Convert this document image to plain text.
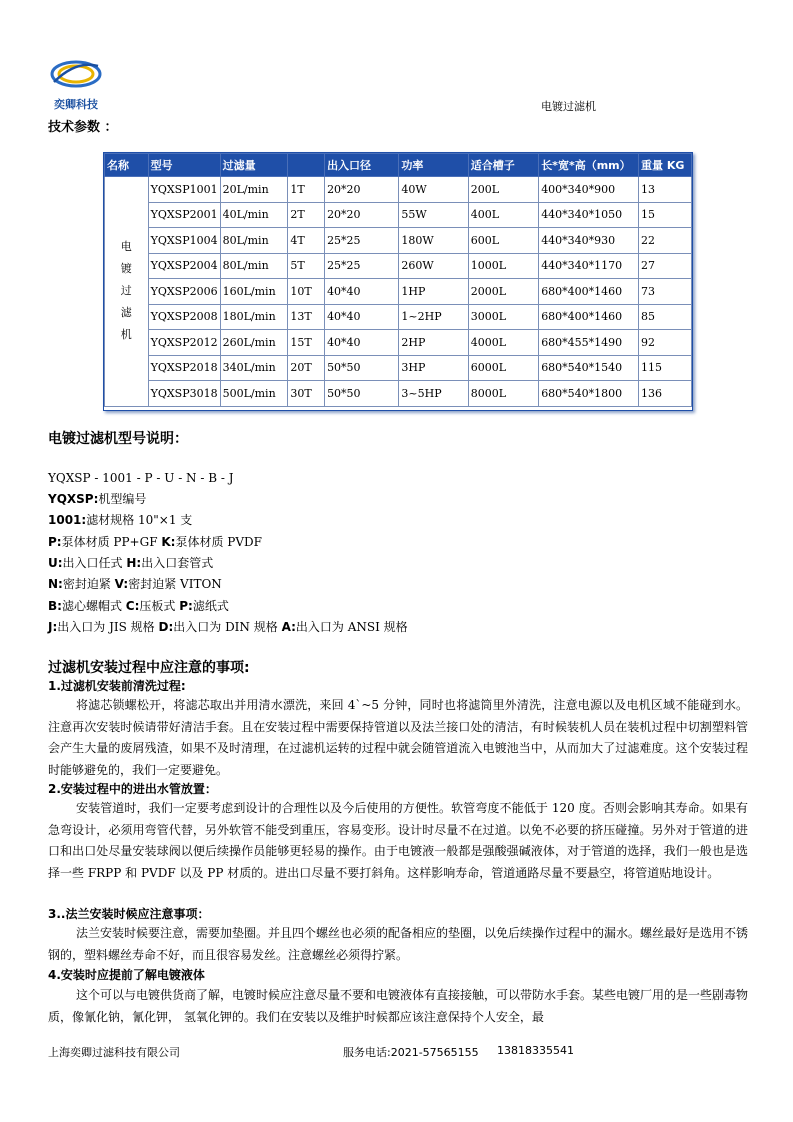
奕卿科技	电镀过滤机
技术参数 ：
名称	型号	过滤量		出入口径	功率	适合槽子	长*宽*高（mm）	重量 KG

电
镀
过
滤
机	YQXSP1001	20L/min	1T	20*20	40W	200L	400*340*900	13
	YQXSP2001	40L/min	2T	20*20	55W	400L	440*340*1050	15
	YQXSP1004	80L/min	4T	25*25	180W	600L	440*340*930	22
	YQXSP2004	80L/min	5T	25*25	260W	1000L	440*340*1170	27
	YQXSP2006	160L/min	10T	40*40	1HP	2000L	680*400*1460	73
	YQXSP2008	180L/min	13T	40*40	1~2HP	3000L	680*400*1460	85
	YQXSP2012	260L/min	15T	40*40	2HP	4000L	680*455*1490	92
	YQXSP2018	340L/min	20T	50*50	3HP	6000L	680*540*1540	115
	YQXSP3018	500L/min	30T	50*50	3~5HP	8000L	680*540*1800	136
电镀过滤机型号说明：
YQXSP - 1001 - P - U - N - B - J
YQXSP:机型编号
1001:滤材规格 10"×1 支
P:泵体材质 PP+GF K:泵体材质 PVDF
U:出入口任式 H:出入口套管式
N:密封迫紧 V:密封迫紧 VITON
B:滤心螺帽式 C:压板式 P:滤纸式
J:出入口为 JIS 规格 D:出入口为 DIN 规格 A:出入口为 ANSI 规格
过滤机安装过程中应注意的事项:
1.过滤机安装前清洗过程:
将滤芯锁螺松开，将滤芯取出并用清水漂洗，来回 4`~5 分钟，同时也将滤筒里外清洗，注意电源以及电机区域不能碰到水。注意再次安装时候请带好清洁手套。且在安装过程中需要保持管道以及法兰接口处的清洁，有时候装机人员在装机过程中切割塑料管会产生大量的废屑残渣，如果不及时清理，在过滤机运转的过程中就会随管道流入电镀池当中，从而加大了过滤难度。这个安装过程时能够避免的，我们一定要避免。
2.安装过程中的进出水管放置：
安装管道时，我们一定要考虑到设计的合理性以及今后使用的方便性。软管弯度不能低于 120 度。否则会影响其寿命。如果有急弯设计，必须用弯管代替，另外软管不能受到重压，容易变形。设计时尽量不在过道。以免不必要的挤压碰撞。另外对于管道的进口和出口处尽量安装球阀以便后续操作员能够更轻易的操作。由于电镀液一般都是强酸强碱液体，对于管道的选择，我们一般也是选择一些 FRPP 和 PVDF 以及 PP 材质的。进出口尽量不要打斜角。这样影响寿命，管道通路尽量不要悬空，将管道贴地设计。
3..法兰安装时候应注意事项：
法兰安装时候要注意，需要加垫圈。并且四个螺丝也必须的配备相应的垫圈，以免后续操作过程中的漏水。螺丝最好是选用不锈钢的，塑料螺丝寿命不好，而且很容易发丝。注意螺丝必须得拧紧。
4.安装时应提前了解电镀液体
这个可以与电镀供货商了解，电镀时候应注意尽量不要和电镀液体有直接接触，可以带防水手套。某些电镀厂用的是一些剧毒物质，像氰化钠，氰化钾， 氢氧化钾的。我们在安装以及维护时候都应该注意保持个人安全，最
上海奕卿过滤科技有限公司	服务电话:2021-57565155 13818335541
